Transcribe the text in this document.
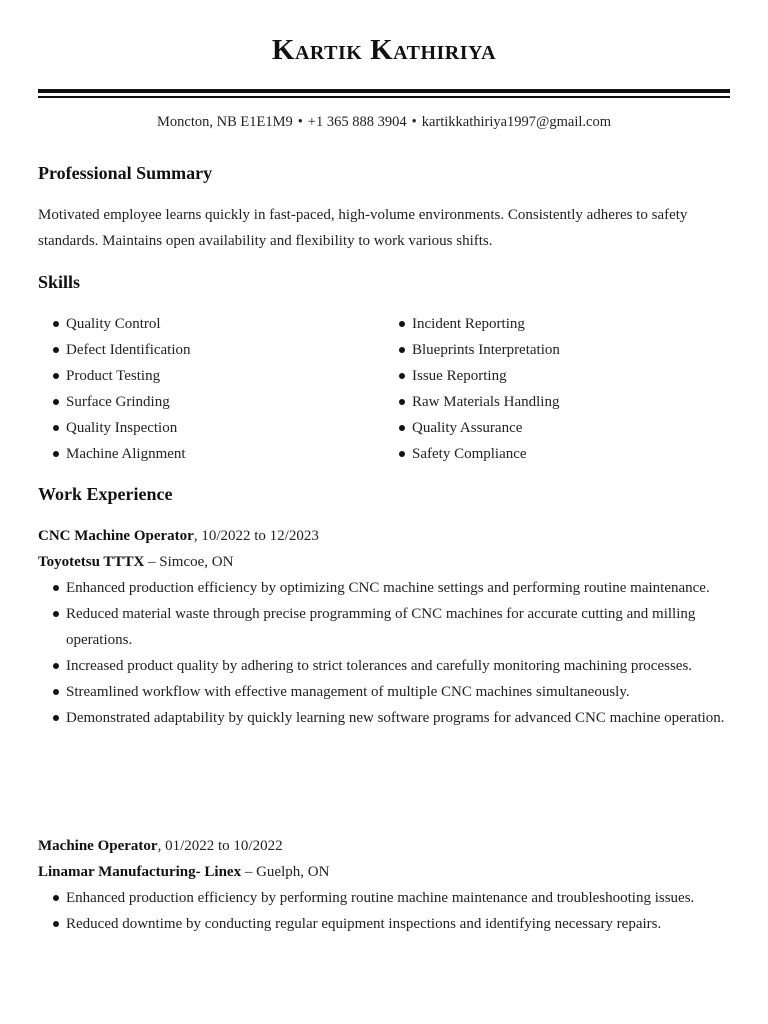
Kartik Kathiriya
Moncton, NB E1E1M9 • +1 365 888 3904 • kartikkathiriya1997@gmail.com
Professional Summary
Motivated employee learns quickly in fast-paced, high-volume environments. Consistently adheres to safety standards. Maintains open availability and flexibility to work various shifts.
Skills
Quality Control
Defect Identification
Product Testing
Surface Grinding
Quality Inspection
Machine Alignment
Incident Reporting
Blueprints Interpretation
Issue Reporting
Raw Materials Handling
Quality Assurance
Safety Compliance
Work Experience
CNC Machine Operator, 10/2022 to 12/2023
Toyotetsu TTTX – Simcoe, ON
Enhanced production efficiency by optimizing CNC machine settings and performing routine maintenance.
Reduced material waste through precise programming of CNC machines for accurate cutting and milling operations.
Increased product quality by adhering to strict tolerances and carefully monitoring machining processes.
Streamlined workflow with effective management of multiple CNC machines simultaneously.
Demonstrated adaptability by quickly learning new software programs for advanced CNC machine operation.
Machine Operator, 01/2022 to 10/2022
Linamar Manufacturing- Linex – Guelph, ON
Enhanced production efficiency by performing routine machine maintenance and troubleshooting issues.
Reduced downtime by conducting regular equipment inspections and identifying necessary repairs.
